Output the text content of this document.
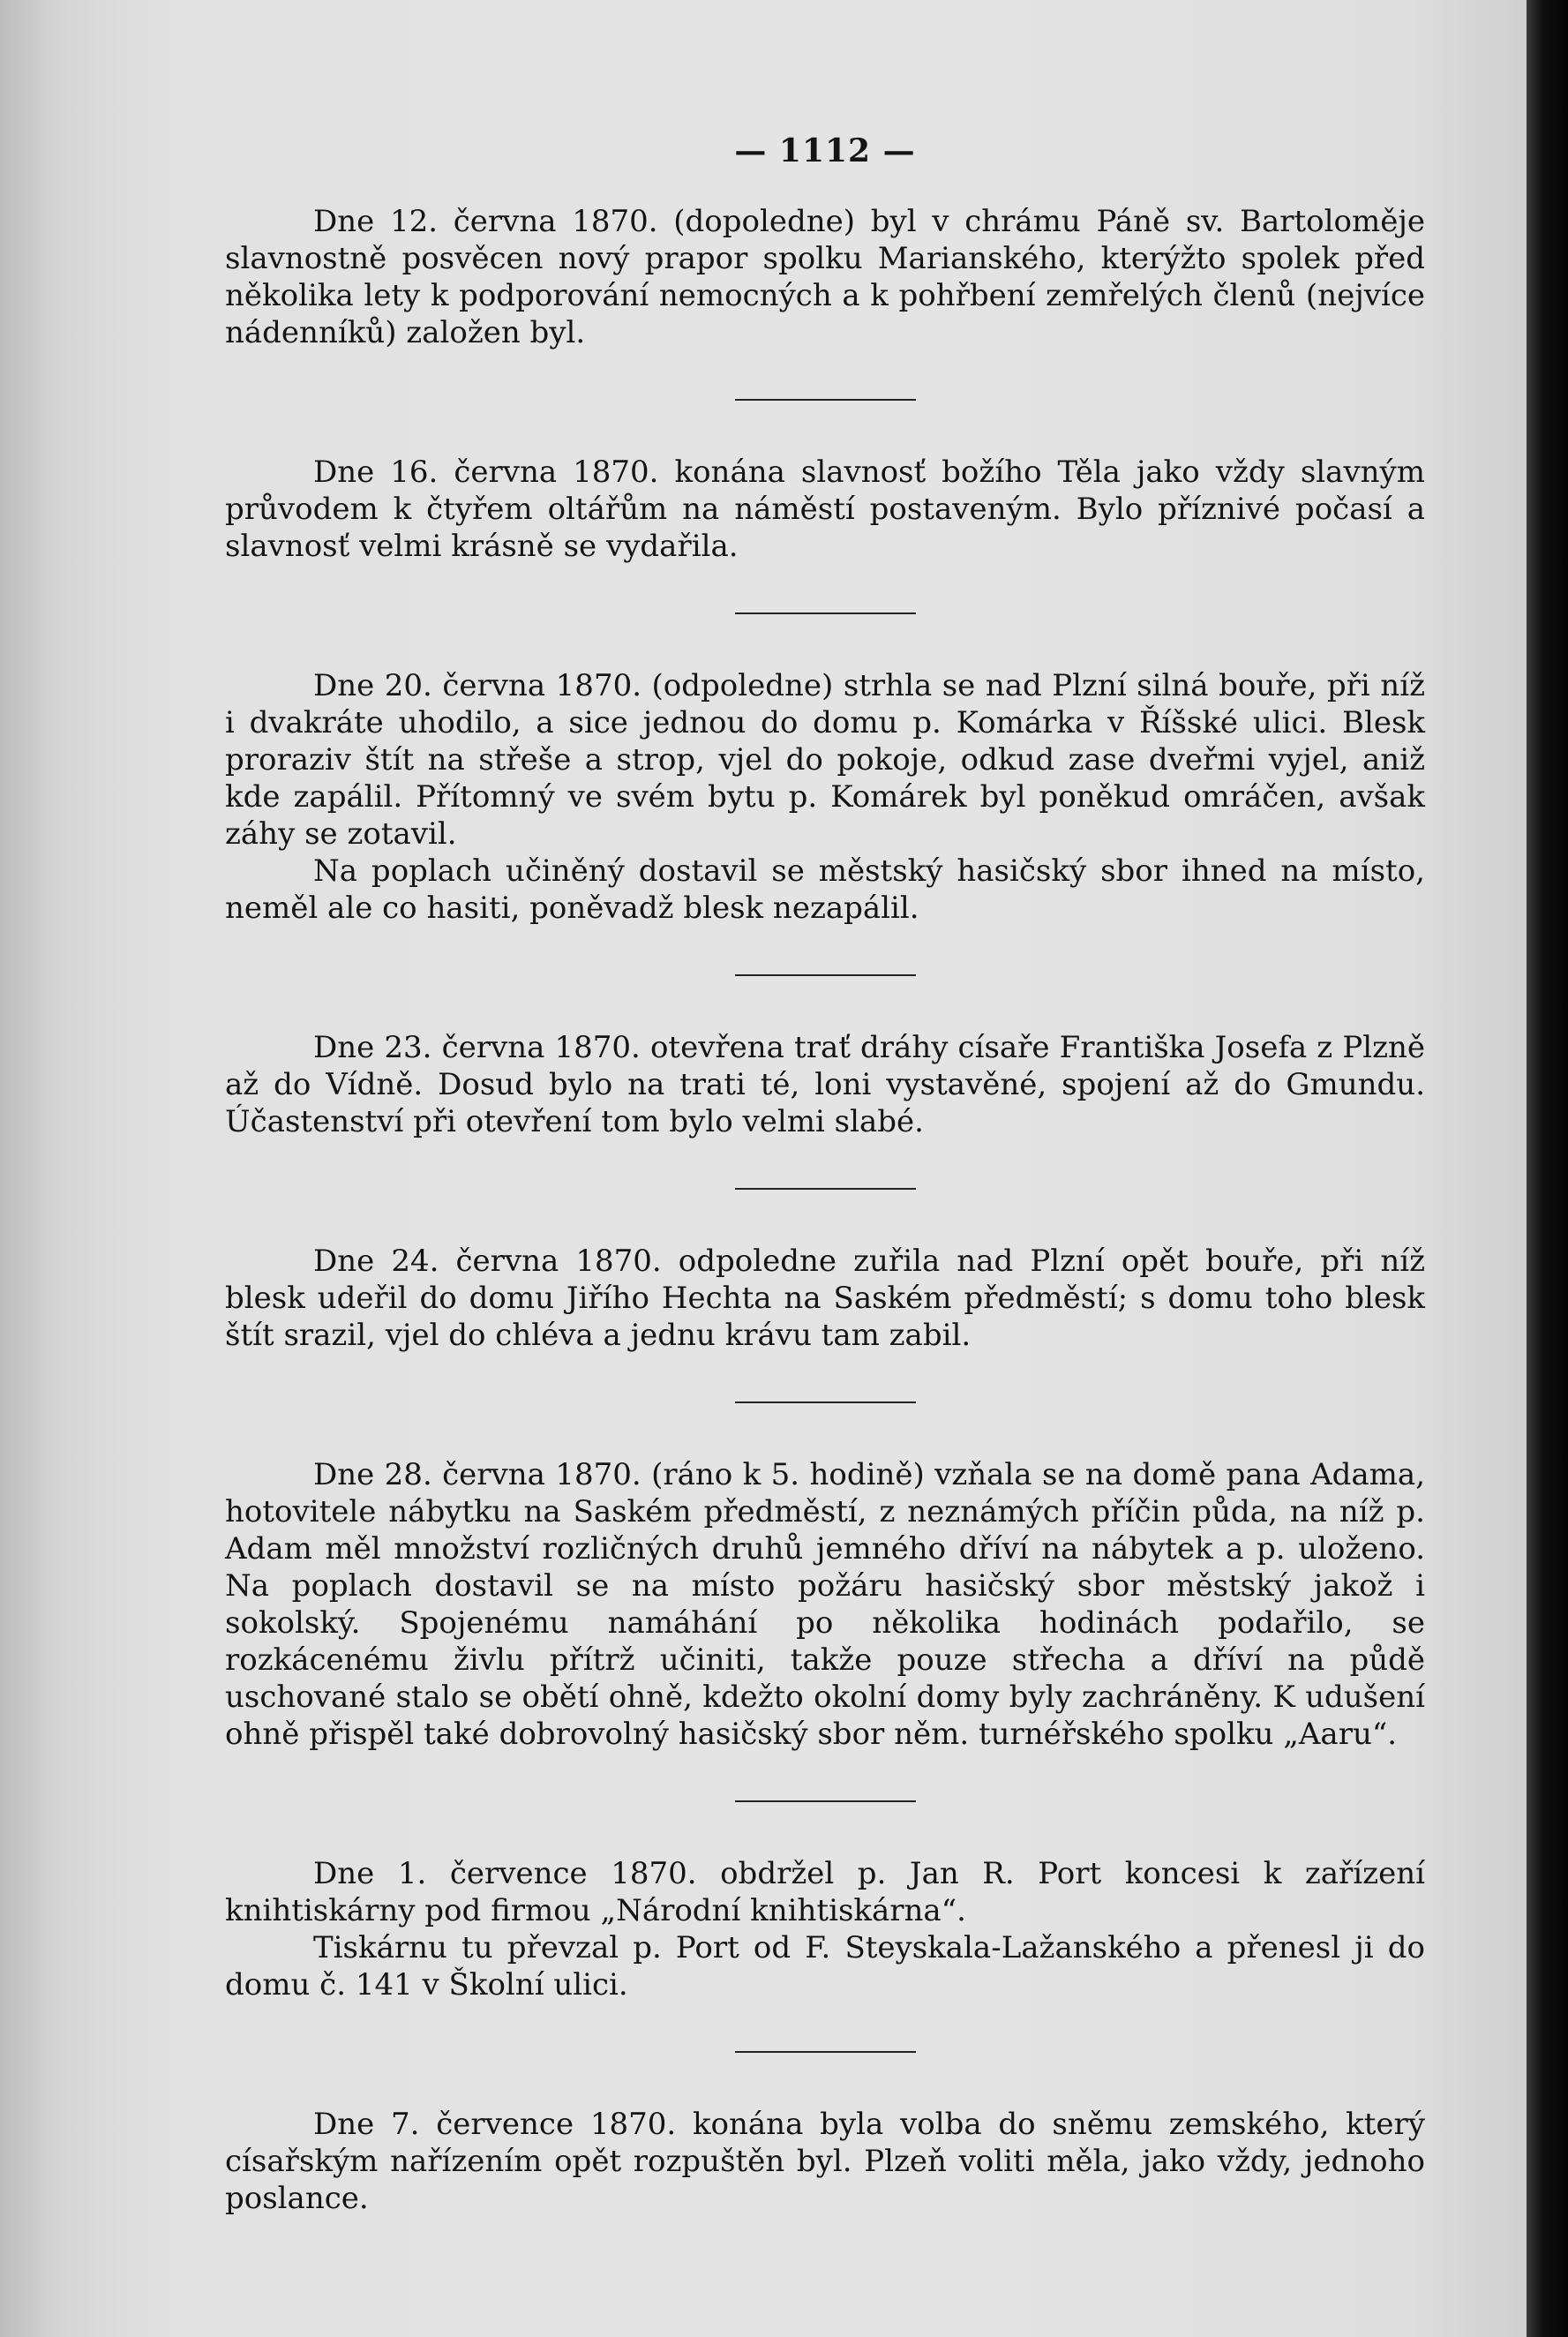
— 1112 —

Dne 12. června 1870. (dopoledne) byl v chrámu Páně sv. Bartoloměje slavnostně posvěcen nový prapor spolku Marianského, kterýžto spolek před několika lety k podporování nemocných a k pohřbení zemřelých členů (nejvíce nádenníků) založen byl.

Dne 16. června 1870. konána slavnosť božího Těla jako vždy slavným průvodem k čtyřem oltářům na náměstí postaveným. Bylo příznivé počasí a slavnosť velmi krásně se vydařila.

Dne 20. června 1870. (odpoledne) strhla se nad Plzní silná bouře, při níž i dvakráte uhodilo, a sice jednou do domu p. Komárka v Říšské ulici. Blesk proraziv štít na střeše a strop, vjel do pokoje, odkud zase dveřmi vyjel, aniž kde zapálil. Přítomný ve svém bytu p. Komárek byl poněkud omráčen, avšak záhy se zotavil.

Na poplach učiněný dostavil se městský hasičský sbor ihned na místo, neměl ale co hasiti, poněvadž blesk nezapálil.

Dne 23. června 1870. otevřena trať dráhy císaře Františka Josefa z Plzně až do Vídně. Dosud bylo na trati té, loni vystavěné, spojení až do Gmundu. Účastenství při otevření tom bylo velmi slabé.

Dne 24. června 1870. odpoledne zuřila nad Plzní opět bouře, při níž blesk udeřil do domu Jiřího Hechta na Saském předměstí; s domu toho blesk štít srazil, vjel do chléva a jednu krávu tam zabil.

Dne 28. června 1870. (ráno k 5. hodině) vzňala se na domě pana Adama, hotovitele nábytku na Saském předměstí, z neznámých příčin půda, na níž p. Adam měl množství rozličných druhů jemného dříví na nábytek a p. uloženo. Na poplach dostavil se na místo požáru hasičský sbor městský jakož i sokolský. Spojenému namáhání po několika hodinách podařilo, se rozkácenému živlu přítrž učiniti, takže pouze střecha a dříví na půdě uschované stalo se obětí ohně, kdežto okolní domy byly zachráněny. K udušení ohně přispěl také dobrovolný hasičský sbor něm. turnéřského spolku „Aaru“.

Dne 1. července 1870. obdržel p. Jan R. Port koncesi k zařízení knihtiskárny pod firmou „Národní knihtiskárna“.

Tiskárnu tu převzal p. Port od F. Steyskala-Lažanského a přenesl ji do domu č. 141 v Školní ulici.

Dne 7. července 1870. konána byla volba do sněmu zemského, který císařským nařízením opět rozpuštěn byl. Plzeň voliti měla, jako vždy, jednoho poslance.
